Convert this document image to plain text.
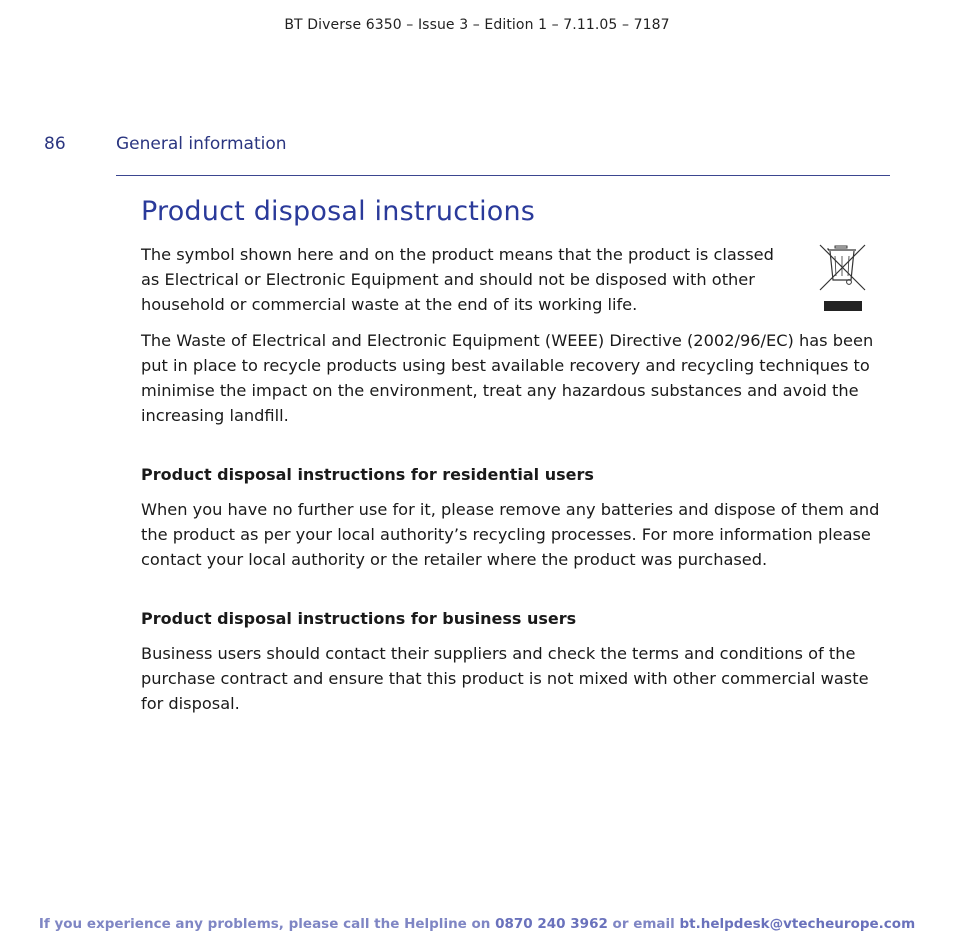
BT Diverse 6350 – Issue 3 – Edition 1 – 7.11.05 – 7187
86	General information
Product disposal instructions

The symbol shown here and on the product means that the product is classed as Electrical or Electronic Equipment and should not be disposed with other household or commercial waste at the end of its working life.

The Waste of Electrical and Electronic Equipment (WEEE) Directive (2002/96/EC) has been put in place to recycle products using best available recovery and recycling techniques to minimise the impact on the environment, treat any hazardous substances and avoid the increasing landfill.

Product disposal instructions for residential users

When you have no further use for it, please remove any batteries and dispose of them and the product as per your local authority’s recycling processes. For more information please contact your local authority or the retailer where the product was purchased.

Product disposal instructions for business users

Business users should contact their suppliers and check the terms and conditions of the purchase contract and ensure that this product is not mixed with other commercial waste for disposal.

If you experience any problems, please call the Helpline on 0870 240 3962 or email bt.helpdesk@vtecheurope.com
